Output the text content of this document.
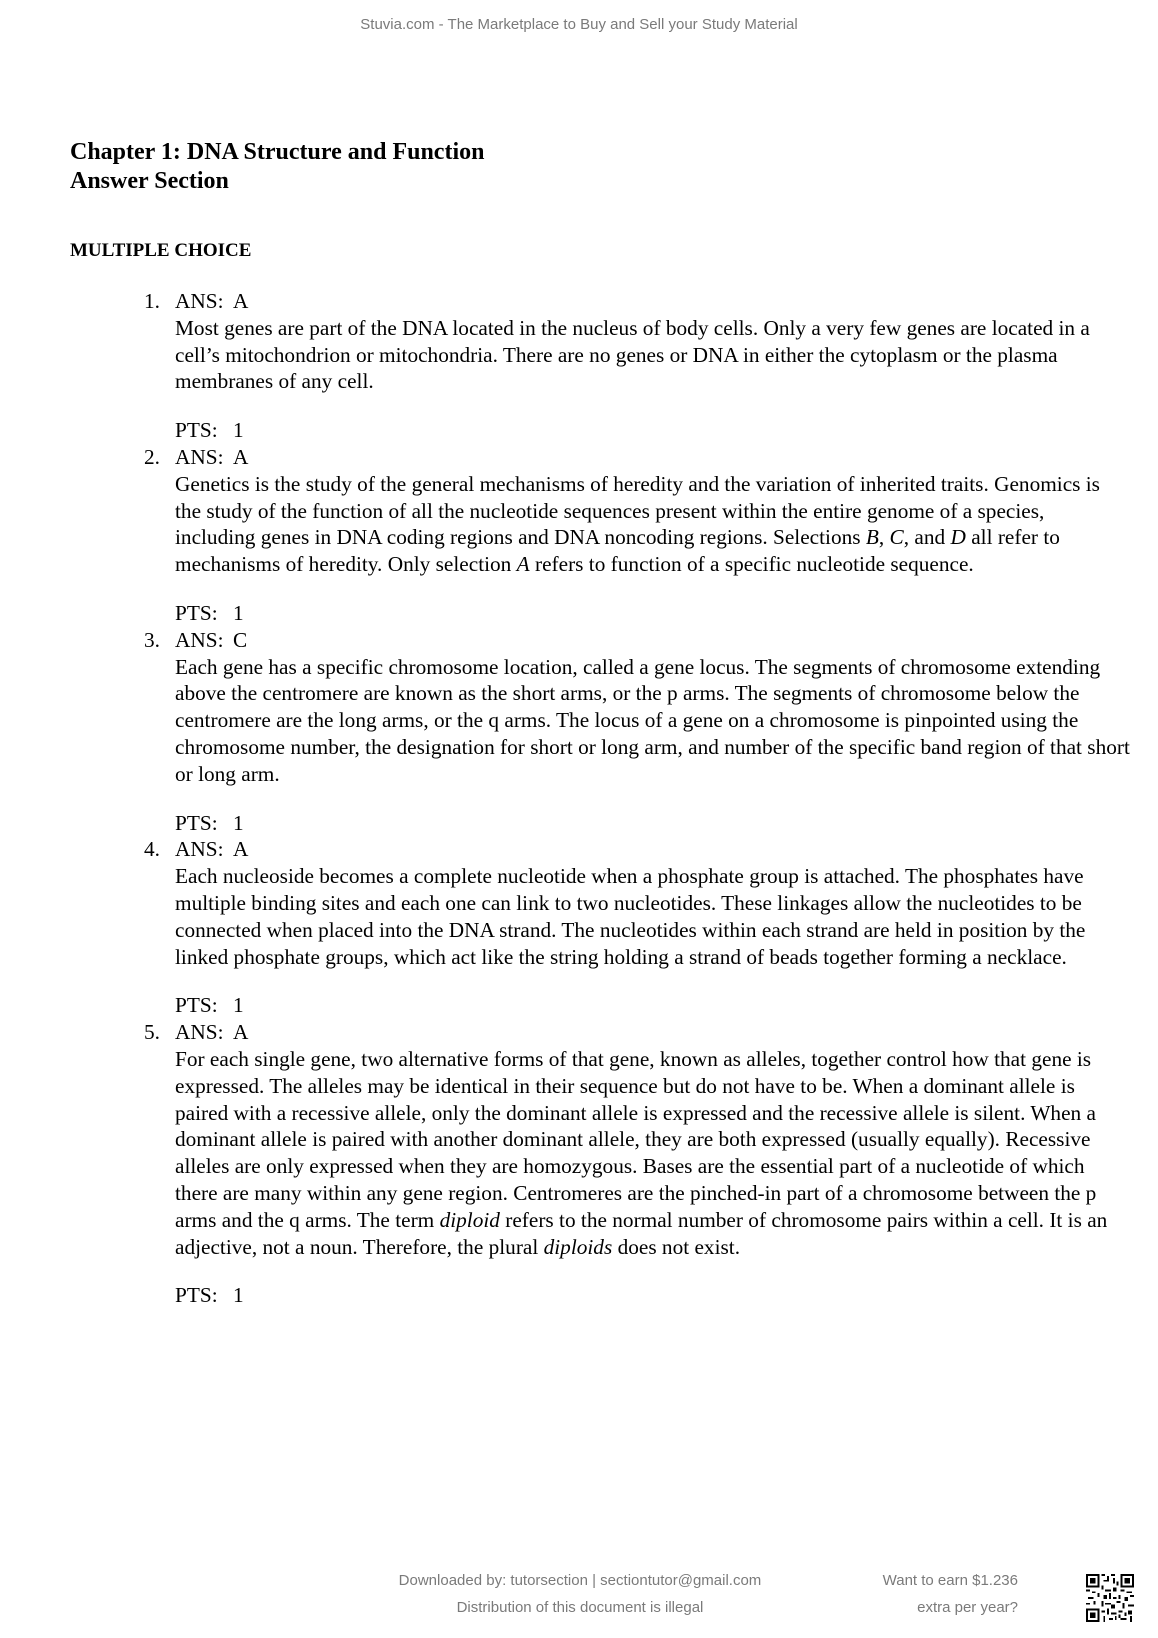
Stuvia.com - The Marketplace to Buy and Sell your Study Material
Chapter 1: DNA Structure and Function
Answer Section
MULTIPLE CHOICE
1. ANS: A
Most genes are part of the DNA located in the nucleus of body cells. Only a very few genes are located in a cell’s mitochondrion or mitochondria. There are no genes or DNA in either the cytoplasm or the plasma membranes of any cell.
PTS: 1
2. ANS: A
Genetics is the study of the general mechanisms of heredity and the variation of inherited traits. Genomics is the study of the function of all the nucleotide sequences present within the entire genome of a species, including genes in DNA coding regions and DNA noncoding regions. Selections B, C, and D all refer to mechanisms of heredity. Only selection A refers to function of a specific nucleotide sequence.
PTS: 1
3. ANS: C
Each gene has a specific chromosome location, called a gene locus. The segments of chromosome extending above the centromere are known as the short arms, or the p arms. The segments of chromosome below the centromere are the long arms, or the q arms. The locus of a gene on a chromosome is pinpointed using the chromosome number, the designation for short or long arm, and number of the specific band region of that short or long arm.
PTS: 1
4. ANS: A
Each nucleoside becomes a complete nucleotide when a phosphate group is attached. The phosphates have multiple binding sites and each one can link to two nucleotides. These linkages allow the nucleotides to be connected when placed into the DNA strand. The nucleotides within each strand are held in position by the linked phosphate groups, which act like the string holding a strand of beads together forming a necklace.
PTS: 1
5. ANS: A
For each single gene, two alternative forms of that gene, known as alleles, together control how that gene is expressed. The alleles may be identical in their sequence but do not have to be. When a dominant allele is paired with a recessive allele, only the dominant allele is expressed and the recessive allele is silent. When a dominant allele is paired with another dominant allele, they are both expressed (usually equally). Recessive alleles are only expressed when they are homozygous. Bases are the essential part of a nucleotide of which there are many within any gene region. Centromeres are the pinched-in part of a chromosome between the p arms and the q arms. The term diploid refers to the normal number of chromosome pairs within a cell. It is an adjective, not a noun. Therefore, the plural diploids does not exist.
PTS: 1
Downloaded by: tutorsection | sectiontutor@gmail.com
Distribution of this document is illegal
Want to earn $1.236
extra per year?
